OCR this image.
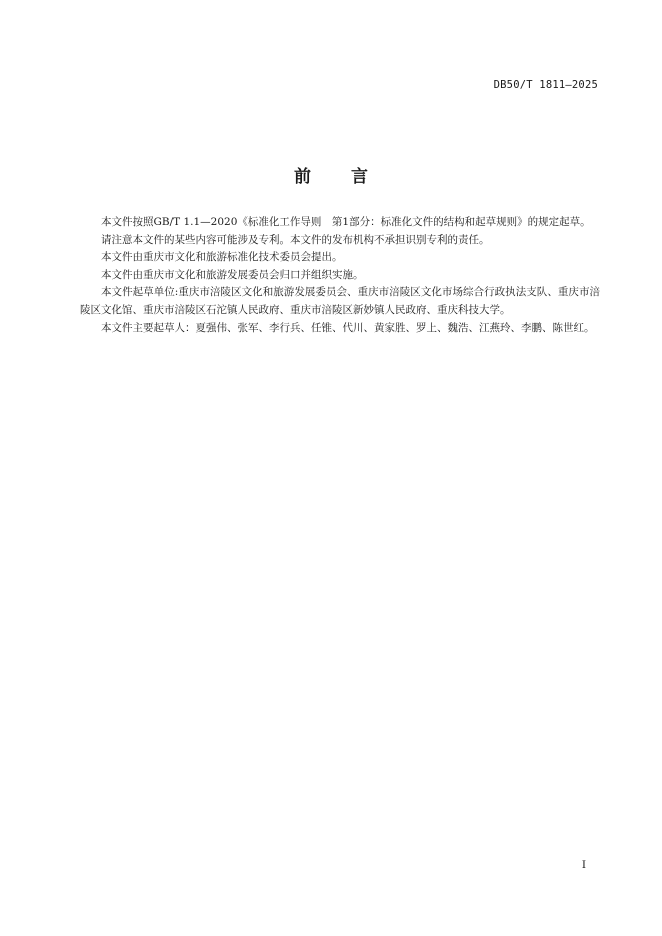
DB50/T 1811—2025
前言

本文件按照GB/T 1.1—2020《标准化工作导则　第1部分：标准化文件的结构和起草规则》的规定起草。

请注意本文件的某些内容可能涉及专利。本文件的发布机构不承担识别专利的责任。

本文件由重庆市文化和旅游标准化技术委员会提出。

本文件由重庆市文化和旅游发展委员会归口并组织实施。

本文件起草单位:重庆市涪陵区文化和旅游发展委员会、重庆市涪陵区文化市场综合行政执法支队、重庆市涪陵区文化馆、重庆市涪陵区石沱镇人民政府、重庆市涪陵区新妙镇人民政府、重庆科技大学。

本文件主要起草人：夏强伟、张军、李行兵、任锥、代川、黄家胜、罗上、魏浩、江燕玲、李鹏、陈世红。

I
